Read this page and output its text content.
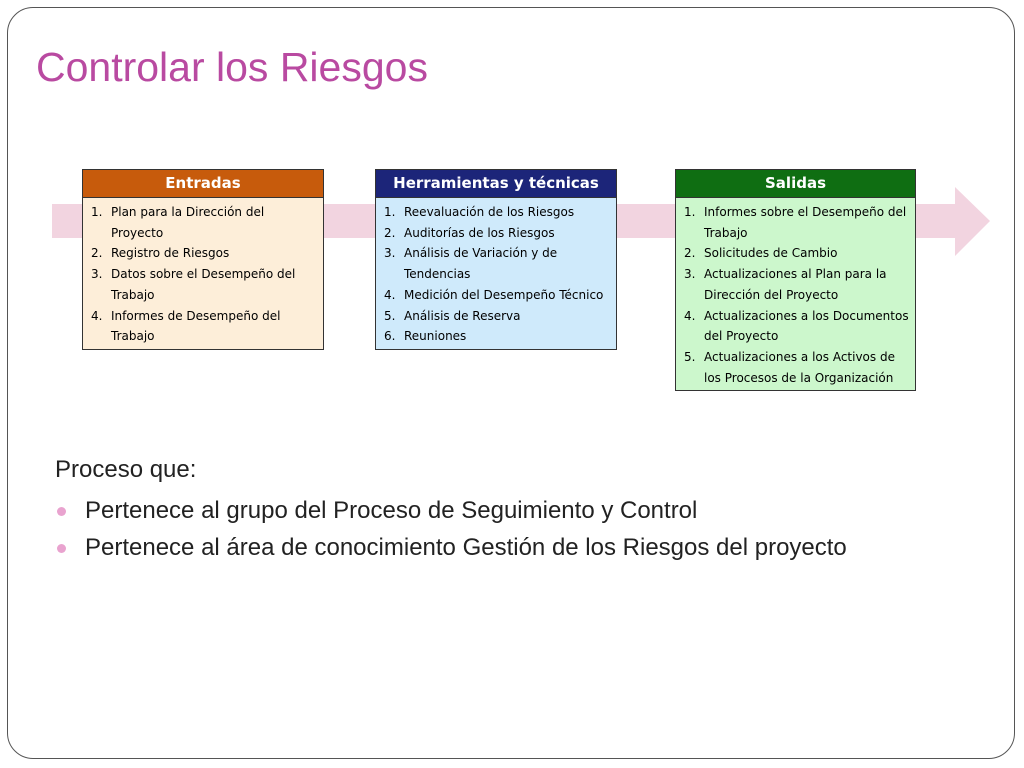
Controlar los Riesgos
Entradas
1. Plan para la Dirección del Proyecto
2. Registro de Riesgos
3. Datos sobre el Desempeño del Trabajo
4. Informes de Desempeño del Trabajo
Herramientas y técnicas
1. Reevaluación de los Riesgos
2. Auditorías de los Riesgos
3. Análisis de Variación y de Tendencias
4. Medición del Desempeño Técnico
5. Análisis de Reserva
6. Reuniones
Salidas
1. Informes sobre el Desempeño del Trabajo
2. Solicitudes de Cambio
3. Actualizaciones al Plan para la Dirección del Proyecto
4. Actualizaciones a los Documentos del Proyecto
5. Actualizaciones a los Activos de los Procesos de la Organización
Proceso que:
Pertenece al grupo del Proceso de Seguimiento y Control
Pertenece al área de conocimiento Gestión de los Riesgos del proyecto
